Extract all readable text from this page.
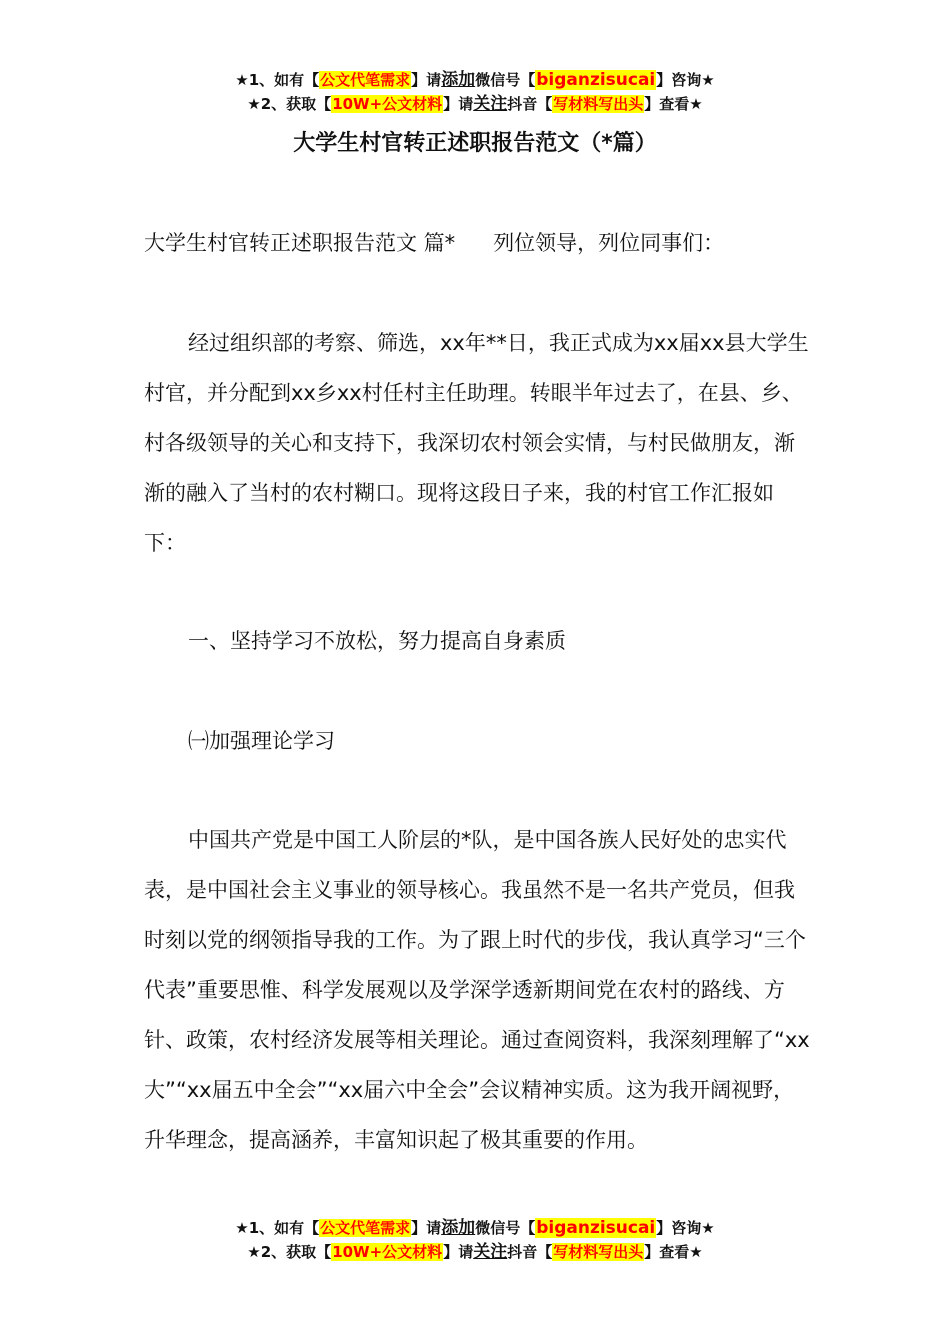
★1、如有【公文代笔需求】请添加微信号【biganzisucai】咨询★
★2、获取【10W+公文材料】请关注抖音【写材料写出头】查看★
大学生村官转正述职报告范文（*篇）

大学生村官转正述职报告范文 篇* 列位领导，列位同事们：

经过组织部的考察、筛选，xx年**日，我正式成为xx届xx县大学生村官，并分配到xx乡xx村任村主任助理。转眼半年过去了，在县、乡、村各级领导的关心和支持下，我深切农村领会实情，与村民做朋友，渐渐的融入了当村的农村糊口。现将这段日子来，我的村官工作汇报如下：

一、坚持学习不放松，努力提高自身素质

㈠加强理论学习

中国共产党是中国工人阶层的*队，是中国各族人民好处的忠实代表，是中国社会主义事业的领导核心。我虽然不是一名共产党员，但我时刻以党的纲领指导我的工作。为了跟上时代的步伐，我认真学习“三个代表”重要思惟、科学发展观以及学深学透新期间党在农村的路线、方针、政策，农村经济发展等相关理论。通过查阅资料，我深刻理解了“xx大”“xx届五中全会”“xx届六中全会”会议精神实质。这为我开阔视野，升华理念，提高涵养，丰富知识起了极其重要的作用。

★1、如有【公文代笔需求】请添加微信号【biganzisucai】咨询★
★2、获取【10W+公文材料】请关注抖音【写材料写出头】查看★
